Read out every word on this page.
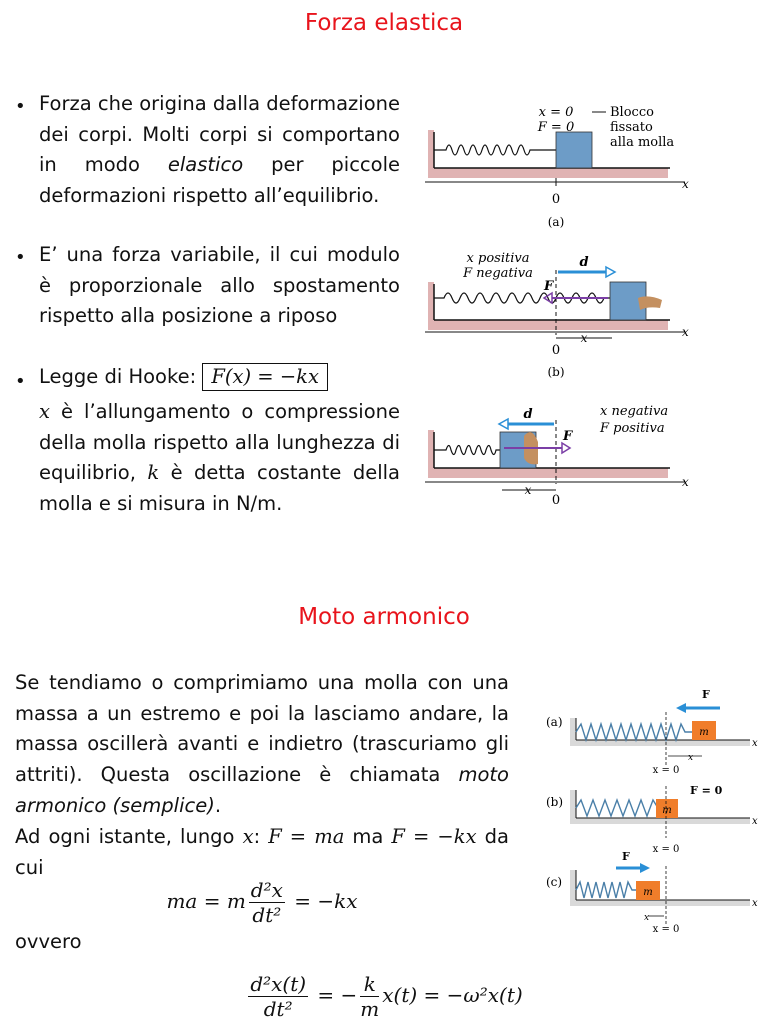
Forza elastica
• Forza che origina dalla deformazione dei corpi. Molti corpi si comportano in modo elastico per piccole deformazioni rispetto all’equilibrio.

• E’ una forza variabile, il cui modulo è proporzionale allo spostamento rispetto alla posizione a riposo

• Legge di Hooke: F(x) = −kx

x è l’allungamento o compressione della molla rispetto alla lunghezza di equilibrio, k è detta costante della molla e si misura in N/m.

x = 0
F = 0
Blocco
fissato
alla molla
0
x
(a)
x positiva
F negativa
d
F
x
0
x
(b)
d
F
x negativa
F positiva
x
0
x
Moto armonico

Se tendiamo o comprimiamo una molla con una massa a un estremo e poi la lasciamo andare, la massa oscillerà avanti e indietro (trascuriamo gli attriti). Questa oscillazione è chiamata moto armonico (semplice).

Ad ogni istante, lungo x: F = ma ma F = −kx da cui

ma = m $\frac{\text{d²x}}{\text{dt²}} = -kx$
ovvero
$\frac{\text{d²x(t)}}{\text{dt²}}$ = − $\frac{k}{m} x(t) = -\omega^2x(t)$
(a)
m
F
x
x
x = 0
(b)
m
F = 0
x
x = 0
(c)
m
F
x
x
x = 0
